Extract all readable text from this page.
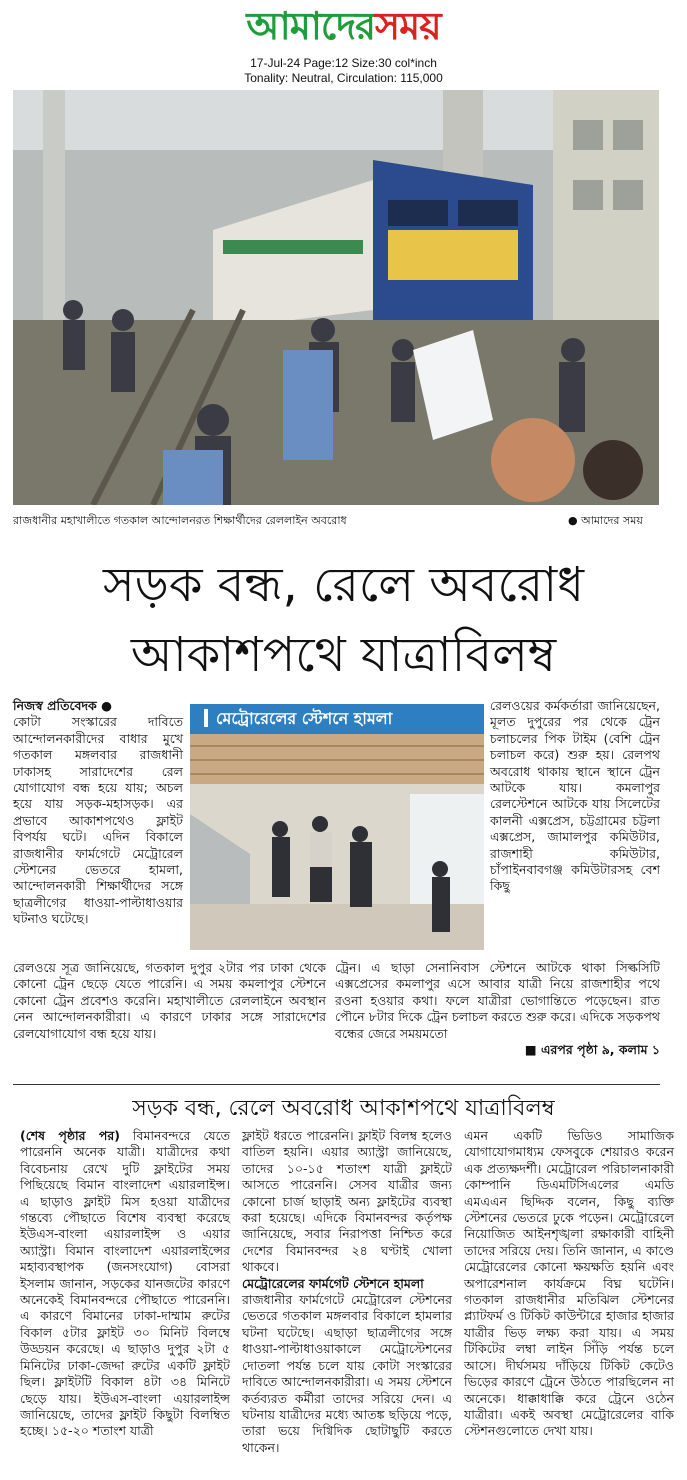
আমাদেরসময়
17-Jul-24 Page:12 Size:30 col*inch
Tonality: Neutral, Circulation: 115,000
রাজধানীর মহাখালীতে গতকাল আন্দোলনরত শিক্ষার্থীদের রেললাইন অবরোধ	● আমাদের সময়
সড়ক বন্ধ, রেলে অবরোধ
আকাশপথে যাত্রাবিলম্ব

নিজস্ব প্রতিবেদক ●

কোটা সংস্কারের দাবিতে আন্দোলনকারীদের বাধার মুখে গতকাল মঙ্গলবার রাজধানী ঢাকাসহ সারাদেশের রেল যোগাযোগ বন্ধ হয়ে যায়; অচল হয়ে যায় সড়ক-মহাসড়ক। এর প্রভাবে আকাশপথেও ফ্লাইট বিপর্যয় ঘটে। এদিন বিকালে রাজধানীর ফার্মগেটে মেট্রোরেল স্টেশনের ভেতরে হামলা, আন্দোলনকারী শিক্ষার্থীদের সঙ্গে ছাত্রলীগের ধাওয়া-পাল্টাধাওয়ার ঘটনাও ঘটেছে।

মেট্রোরেলের স্টেশনে হামলা

রেলওয়ের কর্মকর্তারা জানিয়েছেন, মূলত দুপুরের পর থেকে ট্রেন চলাচলের পিক টাইম (বেশি ট্রেন চলাচল করে) শুরু হয়। রেলপথ অবরোধ থাকায় স্থানে স্থানে ট্রেন আটকে যায়। কমলাপুর রেলস্টেশনে আটকে যায় সিলেটের কালনী এক্সপ্রেস, চট্টগ্রামের চট্টলা এক্সপ্রেস, জামালপুর কমিউটার, রাজশাহী কমিউটার, চাঁপাইনবাবগঞ্জ কমিউটারসহ বেশ কিছু

রেলওয়ে সূত্র জানিয়েছে, গতকাল দুপুর ২টার পর ঢাকা থেকে কোনো ট্রেন ছেড়ে যেতে পারেনি। এ সময় কমলাপুর স্টেশনে কোনো ট্রেন প্রবেশও করেনি। মহাখালীতে রেললাইনে অবস্থান নেন আন্দোলনকারীরা। এ কারণে ঢাকার সঙ্গে সারাদেশের রেলযোগাযোগ বন্ধ হয়ে যায়।

ট্রেন। এ ছাড়া সেনানিবাস স্টেশনে আটকে থাকা সিল্কসিটি এক্সপ্রেসের কমলাপুর এসে আবার যাত্রী নিয়ে রাজশাহীর পথে রওনা হওয়ার কথা। ফলে যাত্রীরা ভোগান্তিতে পড়েছেন। রাত পৌনে ৮টার দিকে ট্রেন চলাচল করতে শুরু করে। এদিকে সড়কপথ বন্ধের জেরে সময়মতো

■ এরপর পৃষ্ঠা ৯, কলাম ১

সড়ক বন্ধ, রেলে অবরোধ আকাশপথে যাত্রাবিলম্ব

(শেষ পৃষ্ঠার পর) বিমানবন্দরে যেতে পারেননি অনেক যাত্রী। যাত্রীদের কথা বিবেচনায় রেখে দুটি ফ্লাইটের সময় পিছিয়েছে বিমান বাংলাদেশ এয়ারলাইন্স। এ ছাড়াও ফ্লাইট মিস হওয়া যাত্রীদের গন্তব্যে পৌছাতে বিশেষ ব্যবস্থা করেছে ইউএস-বাংলা এয়ারলাইন্স ও এয়ার অ্যাস্ট্রা। বিমান বাংলাদেশ এয়ারলাইন্সের মহাব্যবস্থাপক (জনসংযোগ) বোসরা ইসলাম জানান, সড়কের যানজটের কারণে অনেকেই বিমানবন্দরে পৌছাতে পারেননি। এ কারণে বিমানের ঢাকা-দাম্মাম রুটের বিকাল ৫টার ফ্লাইট ৩০ মিনিট বিলম্বে উড্ডয়ন করেছে। এ ছাড়াও দুপুর ২টা ৫ মিনিটের ঢাকা-জেদ্দা রুটের একটি ফ্লাইট ছিল। ফ্লাইটটি বিকাল ৪টা ৩৪ মিনিটে ছেড়ে যায়। ইউএস-বাংলা এয়ারলাইন্স জানিয়েছে, তাদের ফ্লাইট কিছুটা বিলম্বিত হচ্ছে। ১৫-২০ শতাংশ যাত্রী

ফ্লাইট ধরতে পারেননি। ফ্লাইট বিলম্ব হলেও বাতিল হয়নি। এয়ার অ্যাস্ট্রা জানিয়েছে, তাদের ১০-১৫ শতাংশ যাত্রী ফ্লাইটে আসতে পারেননি। সেসব যাত্রীর জন্য কোনো চার্জ ছাড়াই অন্য ফ্লাইটের ব্যবস্থা করা হয়েছে। এদিকে বিমানবন্দর কর্তৃপক্ষ জানিয়েছে, সবার নিরাপত্তা নিশ্চিত করে দেশের বিমানবন্দর ২৪ ঘণ্টাই খোলা থাকবে।

মেট্রোরেলের ফার্মগেট স্টেশনে হামলা

রাজধানীর ফার্মগেটে মেট্রোরেল স্টেশনের ভেতরে গতকাল মঙ্গলবার বিকালে হামলার ঘটনা ঘটেছে। এছাড়া ছাত্রলীগের সঙ্গে ধাওয়া-পাল্টাধাওয়াকালে মেট্রোস্টেশনের দোতলা পর্যন্ত চলে যায় কোটা সংস্কারের দাবিতে আন্দোলনকারীরা। এ সময় স্টেশনে কর্তব্যরত কর্মীরা তাদের সরিয়ে দেন। এ ঘটনায় যাত্রীদের মধ্যে আতঙ্ক ছড়িয়ে পড়ে, তারা ভয়ে দিগ্বিদিক ছোটাছুটি করতে থাকেন।

এমন একটি ভিডিও সামাজিক যোগাযোগমাধ্যম ফেসবুকে শেয়ারও করেন এক প্রত্যক্ষদর্শী। মেট্রোরেল পরিচালনাকারী কোম্পানি ডিএমটিসিএলের এমডি এমএএন ছিদ্দিক বলেন, কিছু ব্যক্তি স্টেশনের ভেতরে ঢুকে পড়েন। মেট্রোরেলে নিয়োজিত আইনশৃঙ্খলা রক্ষাকারী বাহিনী তাদের সরিয়ে দেয়। তিনি জানান, এ কাণ্ডে মেট্রোরেলের কোনো ক্ষয়ক্ষতি হয়নি এবং অপারেশনাল কার্যক্রমে বিঘ্ন ঘটেনি। গতকাল রাজধানীর মতিঝিল স্টেশনের প্ল্যাটফর্ম ও টিকিট কাউন্টারে হাজার হাজার যাত্রীর ভিড় লক্ষ্য করা যায়। এ সময় টিকিটের লম্বা লাইন সিঁড়ি পর্যন্ত চলে আসে। দীর্ঘসময় দাঁড়িয়ে টিকিট কেটেও ভিড়ের কারণে ট্রেনে উঠতে পারছিলেন না অনেকে। ধাক্কাধাক্কি করে ট্রেনে ওঠেন যাত্রীরা। একই অবস্থা মেট্রোরেলের বাকি স্টেশনগুলোতে দেখা যায়।
